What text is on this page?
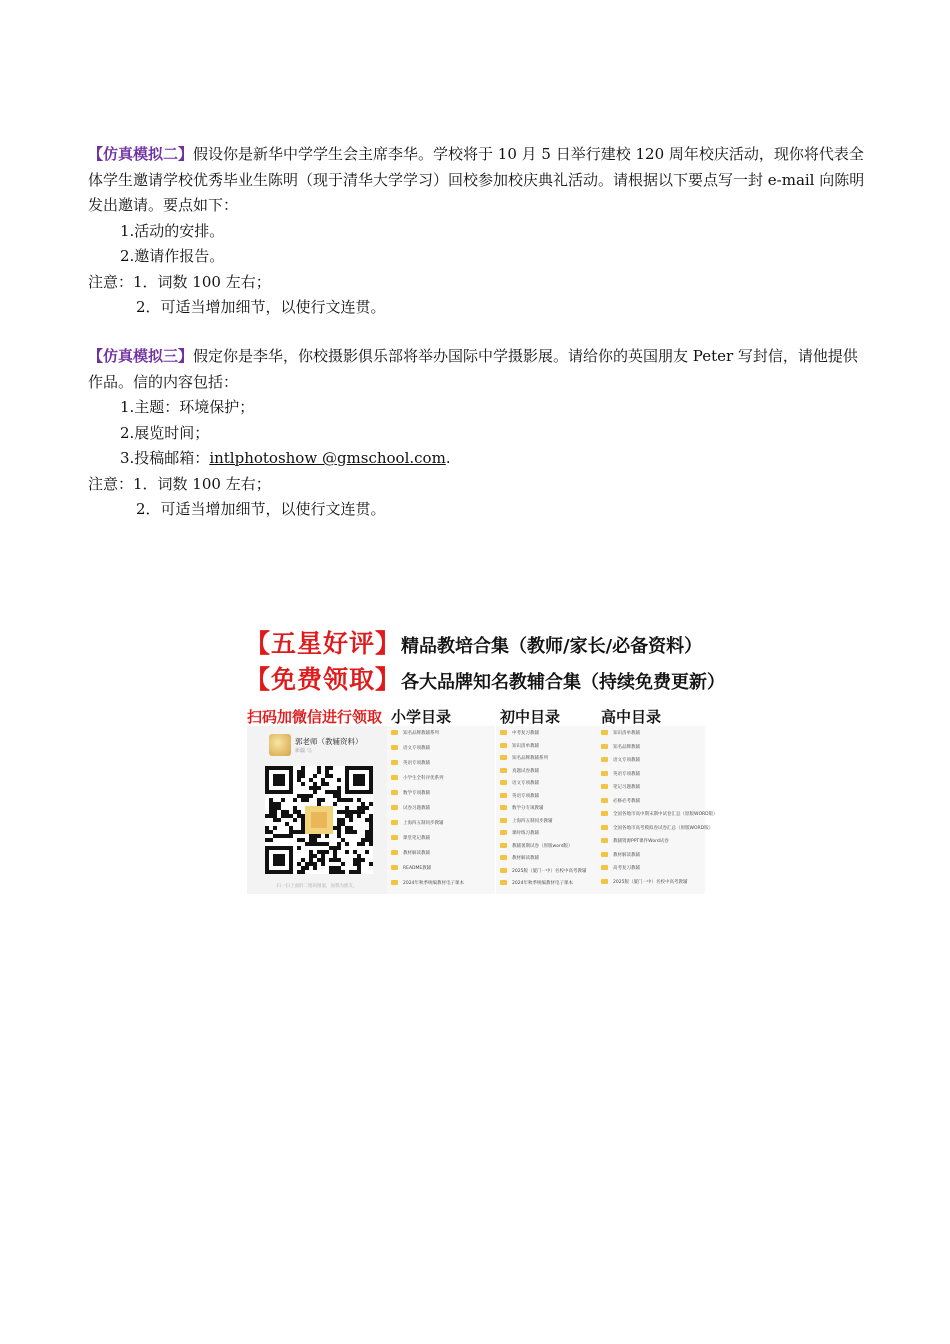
【仿真模拟二】假设你是新华中学学生会主席李华。学校将于 10 月 5 日举行建校 120 周年校庆活动，现你将代表全体学生邀请学校优秀毕业生陈明（现于清华大学学习）回校参加校庆典礼活动。请根据以下要点写一封 e-mail 向陈明发出邀请。要点如下：

1.活动的安排。

2.邀请作报告。

注意：1．词数 100 左右；

2．可适当增加细节，以使行文连贯。

【仿真模拟三】假定你是李华，你校摄影俱乐部将举办国际中学摄影展。请给你的英国朋友 Peter 写封信，请他提供作品。信的内容包括：

1.主题：环境保护；

2.展览时间；

3.投稿邮箱：intlphotoshow @gmschool.com.

注意：1．词数 100 左右；

2．可适当增加细节，以使行文连贯。

【五星好评】精品教培合集（教师/家长/必备资料）
【免费领取】各大品牌知名教辅合集（持续免费更新）
扫码加微信进行领取
郭老师（教辅资料）
新疆 乌
扫一扫上面的二维码图案，加我为朋友。
小学目录
知名品牌教辅系列
语文专项教辅
英语专项教辅
小学生全科评优系列
数学专项教辅
试卷习题教辅
上海四五制同步教辅
课堂笔记教辅
教材解读教辅
README教辅
2024年秋季统编教材电子课本
初中目录
中考复习教辅
知识清单教辅
知名品牌教辅系列
真题试卷教辅
语文专项教辅
英语专项教辅
数学分专项教辅
上海四五制同步教辅
课时练习教辅
教辅暑期试卷（原版word版）
教材解读教辅
2025版（厦门一中）名校中高考教辅
2024年秋季统编教材电子课本
高中目录
知识清单教辅
知名品牌教辅
语文专项教辅
英语专项教辅
笔记习题教辅
必修必考教辅
全国各地市高中期末期中试卷汇总（原版WORD版）
全国各地市高考模拟卷试卷汇总（原版WORD版）
教辅资源PPT课件Word试卷
教材解读教辅
高考复习教辅
2025版（厦门一中）名校中高考教辅
